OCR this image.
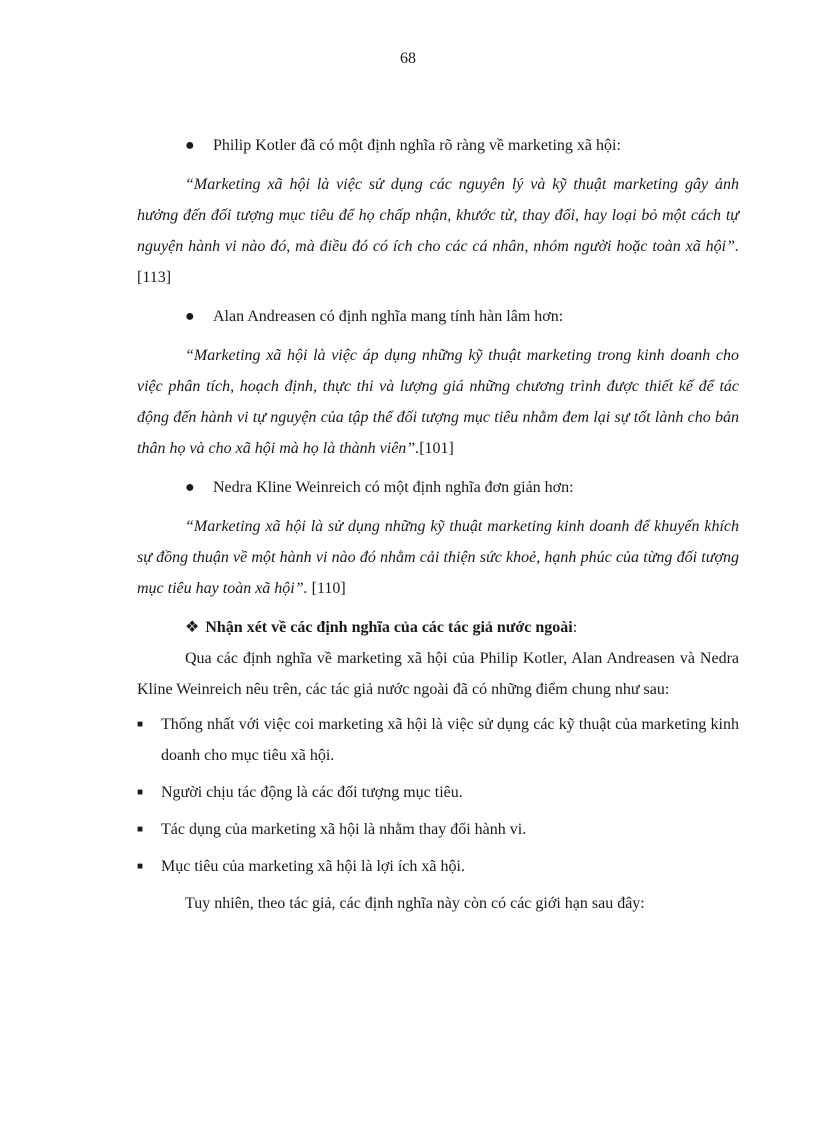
68
●	Philip Kotler đã có một định nghĩa rõ ràng về marketing xã hội:

“Marketing xã hội là việc sử dụng các nguyên lý và kỹ thuật marketing gây ảnh hưởng đến đối tượng mục tiêu để họ chấp nhận, khước từ, thay đổi, hay loại bỏ một cách tự nguyện hành vi nào đó, mà điều đó có ích cho các cá nhân, nhóm người hoặc toàn xã hội”.[113]

●	Alan Andreasen có định nghĩa mang tính hàn lâm hơn:

“Marketing xã hội là việc áp dụng những kỹ thuật marketing trong kinh doanh cho việc phân tích, hoạch định, thực thi và lượng giá những chương trình được thiết kế để tác động đến hành vi tự nguyện của tập thể đối tượng mục tiêu nhằm đem lại sự tốt lành cho bản thân họ và cho xã hội mà họ là thành viên”.[101]

●	Nedra Kline Weinreich có một định nghĩa đơn giản hơn:

“Marketing xã hội là sử dụng những kỹ thuật marketing kinh doanh để khuyến khích sự đồng thuận về một hành vi nào đó nhằm cải thiện sức khoẻ, hạnh phúc của từng đối tượng mục tiêu hay toàn xã hội”. [110]

❖ Nhận xét về các định nghĩa của các tác giả nước ngoài:

Qua các định nghĩa về marketing xã hội của Philip Kotler, Alan Andreasen và Nedra Kline Weinreich nêu trên, các tác giả nước ngoài đã có những điểm chung như sau:

■ Thống nhất với việc coi marketing xã hội là việc sử dụng các kỹ thuật của marketing kinh doanh cho mục tiêu xã hội.
■ Người chịu tác động là các đối tượng mục tiêu.
■ Tác dụng của marketing xã hội là nhằm thay đổi hành vi.
■ Mục tiêu của marketing xã hội là lợi ích xã hội.

Tuy nhiên, theo tác giả, các định nghĩa này còn có các giới hạn sau đây:
